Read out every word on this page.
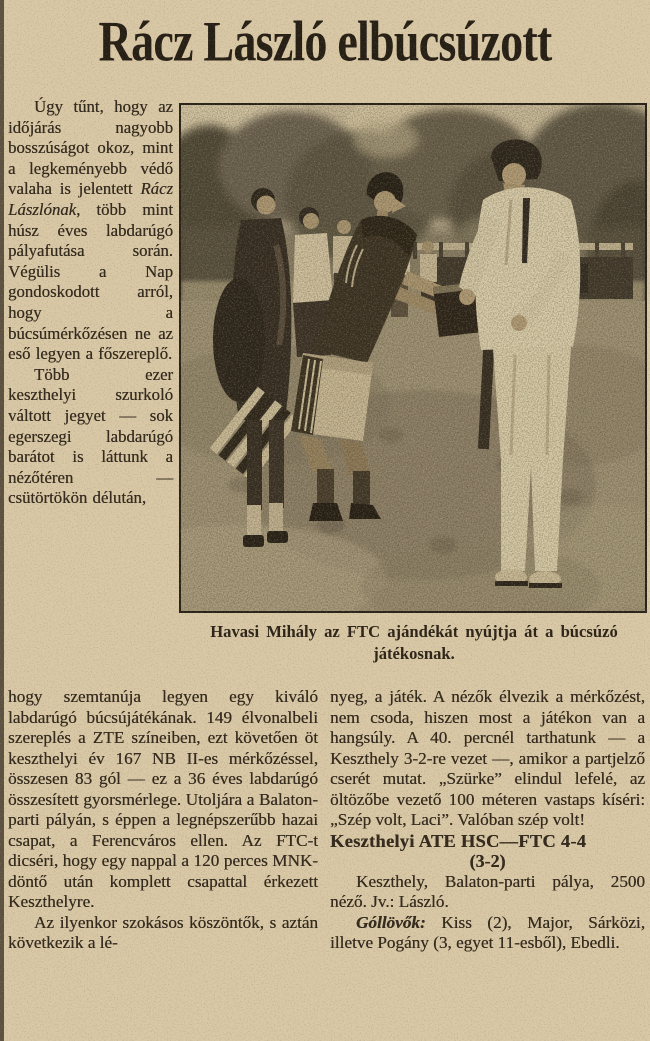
Rácz László elbúcsúzott

Úgy tűnt, hogy az időjárás nagyobb bosszúságot okoz, mint a legkeményebb védő valaha is jelentett Rácz Lászlónak, több mint húsz éves labdarúgó pályafutása során. Végülis a Nap gondoskodott arról, hogy a búcsúmérkőzésen ne az eső legyen a főszereplő.

Több ezer keszthelyi szurkoló váltott jegyet — sok egerszegi labdarúgó barátot is láttunk a nézőtéren — csütörtökön délután,

Havasi Mihály az FTC ajándékát nyújtja át a búcsúzó játékosnak.

hogy szemtanúja legyen egy kiváló labdarúgó búcsújátékának. 149 élvonalbeli szereplés a ZTE színeiben, ezt követően öt keszthelyi év 167 NB II-es mérkőzéssel, összesen 83 gól — ez a 36 éves labdarúgó összesített gyorsmérlege. Utoljára a Balaton-parti pályán, s éppen a legnépszerűbb hazai csapat, a Ferencváros ellen. Az FTC-t dicséri, hogy egy nappal a 120 perces MNK-döntő után komplett csapattal érkezett Keszthelyre.

Az ilyenkor szokásos köszöntők, s aztán következik a lé-

nyeg, a játék. A nézők élvezik a mérkőzést, nem csoda, hiszen most a játékon van a hangsúly. A 40. percnél tarthatunk — a Keszthely 3-2-re vezet —, amikor a partjelző cserét mutat. „Szürke” elindul lefelé, az öltözőbe vezető 100 méteren vastaps kíséri: „Szép volt, Laci”. Valóban szép volt!

Keszthelyi ATE HSC—FTC 4-4

(3-2)

Keszthely, Balaton-parti pálya, 2500 néző. Jv.: László.

Góllövők: Kiss (2), Major, Sárközi, illetve Pogány (3, egyet 11-esből), Ebedli.
